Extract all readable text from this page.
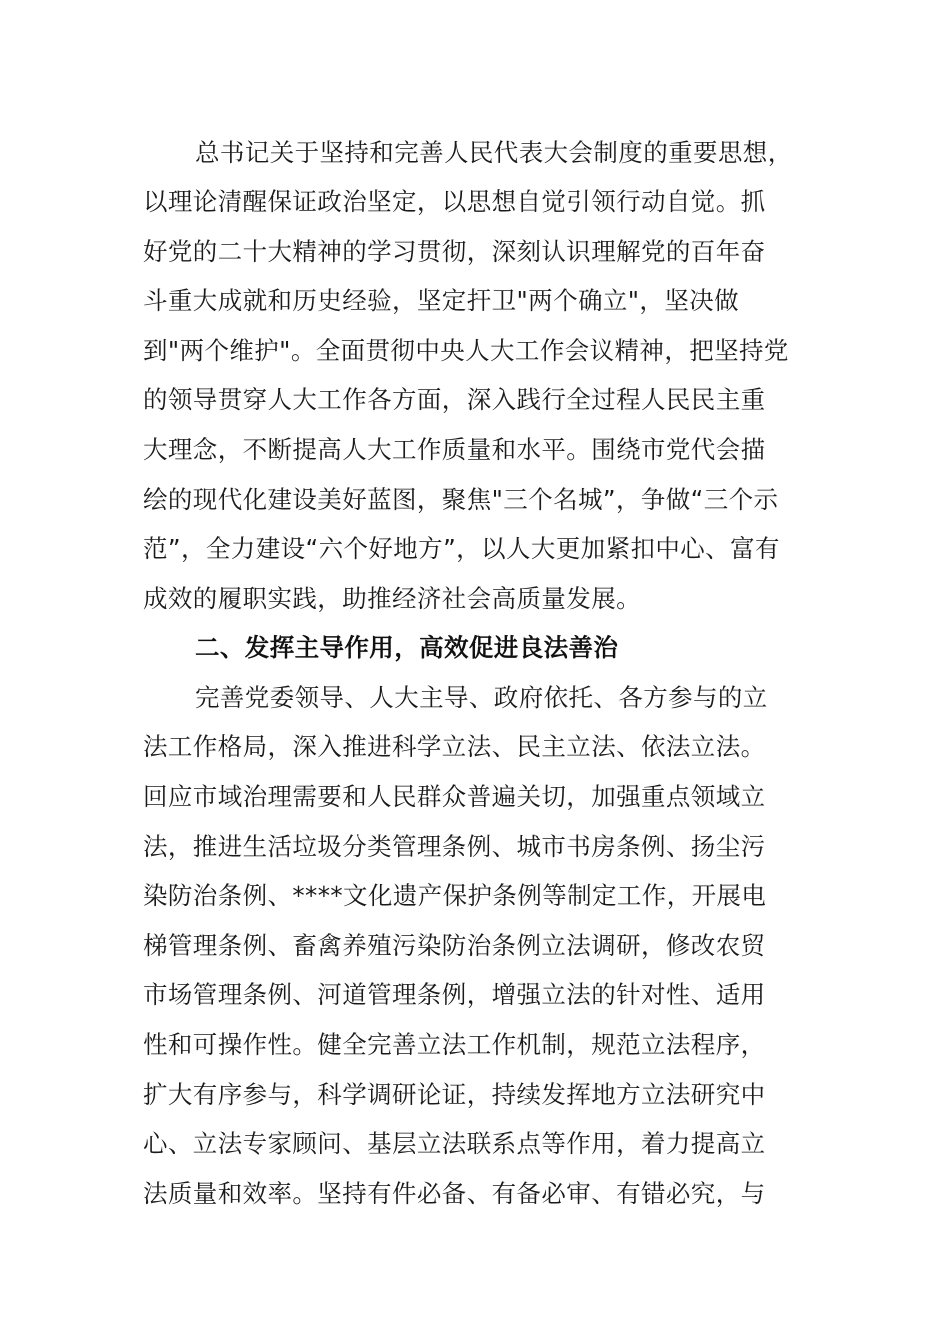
总书记关于坚持和完善人民代表大会制度的重要思想，
以理论清醒保证政治坚定，以思想自觉引领行动自觉。抓
好党的二十大精神的学习贯彻，深刻认识理解党的百年奋
斗重大成就和历史经验，坚定扞卫"两个确立"，坚决做
到"两个维护"。全面贯彻中央人大工作会议精神，把坚持党
的领导贯穿人大工作各方面，深入践行全过程人民民主重
大理念，不断提高人大工作质量和水平。围绕市党代会描
绘的现代化建设美好蓝图，聚焦"三个名城”，争做“三个示
范”，全力建设“六个好地方”，以人大更加紧扣中心、富有
成效的履职实践，助推经济社会高质量发展。
二、发挥主导作用，高效促进良法善治
完善党委领导、人大主导、政府依托、各方参与的立
法工作格局，深入推进科学立法、民主立法、依法立法。
回应市域治理需要和人民群众普遍关切，加强重点领域立
法，推进生活垃圾分类管理条例、城市书房条例、扬尘污
染防治条例、****文化遗产保护条例等制定工作，开展电
梯管理条例、畜禽养殖污染防治条例立法调研，修改农贸
市场管理条例、河道管理条例，增强立法的针对性、适用
性和可操作性。健全完善立法工作机制，规范立法程序，
扩大有序参与，科学调研论证，持续发挥地方立法研究中
心、立法专家顾问、基层立法联系点等作用，着力提高立
法质量和效率。坚持有件必备、有备必审、有错必究，与
